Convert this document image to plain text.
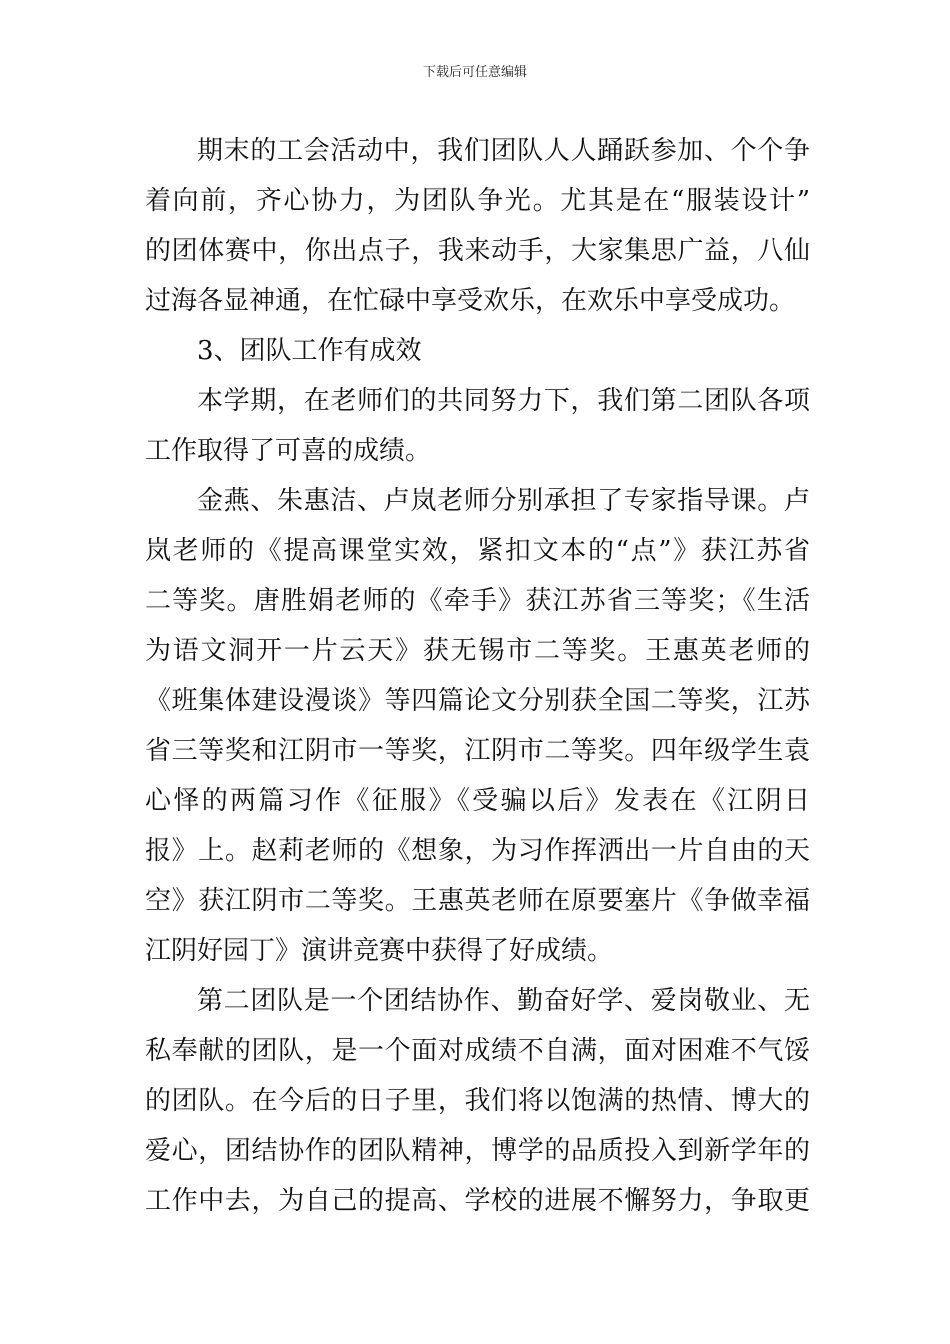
下载后可任意编辑
期末的工会活动中，我们团队人人踊跃参加、个个争
着向前，齐心协力，为团队争光。尤其是在“服装设计”
的团体赛中，你出点子，我来动手，大家集思广益，八仙
过海各显神通，在忙碌中享受欢乐，在欢乐中享受成功。
3、团队工作有成效
本学期，在老师们的共同努力下，我们第二团队各项
工作取得了可喜的成绩。
金燕、朱惠洁、卢岚老师分别承担了专家指导课。卢
岚老师的《提高课堂实效，紧扣文本的“点”》获江苏省
二等奖。唐胜娟老师的《牵手》获江苏省三等奖；《生活
为语文洞开一片云天》获无锡市二等奖。王惠英老师的
《班集体建设漫谈》等四篇论文分别获全国二等奖，江苏
省三等奖和江阴市一等奖，江阴市二等奖。四年级学生袁
心怿的两篇习作《征服》《受骗以后》发表在《江阴日
报》上。赵莉老师的《想象，为习作挥洒出一片自由的天
空》获江阴市二等奖。王惠英老师在原要塞片《争做幸福
江阴好园丁》演讲竞赛中获得了好成绩。
第二团队是一个团结协作、勤奋好学、爱岗敬业、无
私奉献的团队，是一个面对成绩不自满，面对困难不气馁
的团队。在今后的日子里，我们将以饱满的热情、博大的
爱心，团结协作的团队精神，博学的品质投入到新学年的
工作中去，为自己的提高、学校的进展不懈努力，争取更
